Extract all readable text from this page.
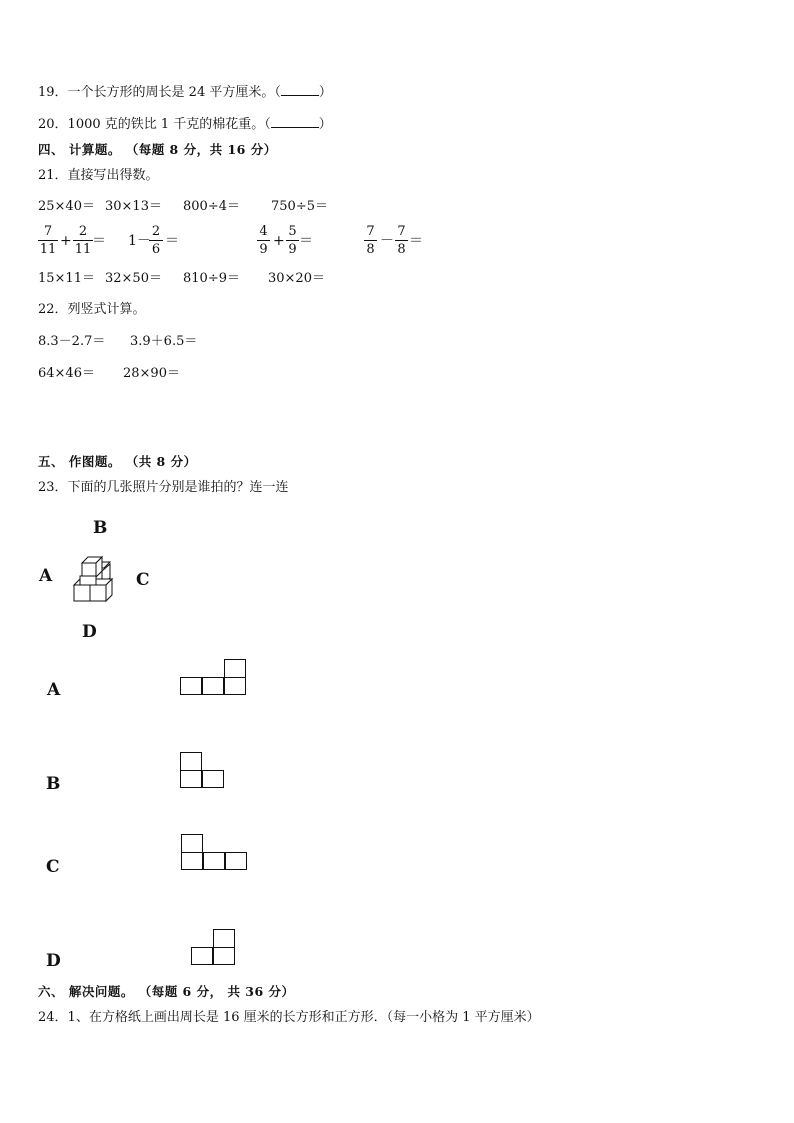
19．一个长方形的周长是 24 平方厘米。（	）
20．1000 克的铁比 1 千克的棉花重。（	）
四、 计算题。 （每题 8 分，共 16 分）
21．直接写出得数。
25×40＝ 30×13＝ 800÷4＝ 750÷5＝
7
11
+
2
11
＝ 1－
2
6
＝
4
9
+
5
9
＝
7
8
－
7
8
＝
15×11＝ 32×50＝ 810÷9＝ 30×20＝
22．列竖式计算。
8.3－2.7＝ 3.9＋6.5＝
64×46＝ 28×90＝
五、 作图题。 （共 8 分）
23．下面的几张照片分别是谁拍的？连一连
B
A	C
D
A
B
C
D
六、 解决问题。 （每题 6 分， 共 36 分）
24．1、在方格纸上画出周长是 16 厘米的长方形和正方形．（每一小格为 1 平方厘米）
